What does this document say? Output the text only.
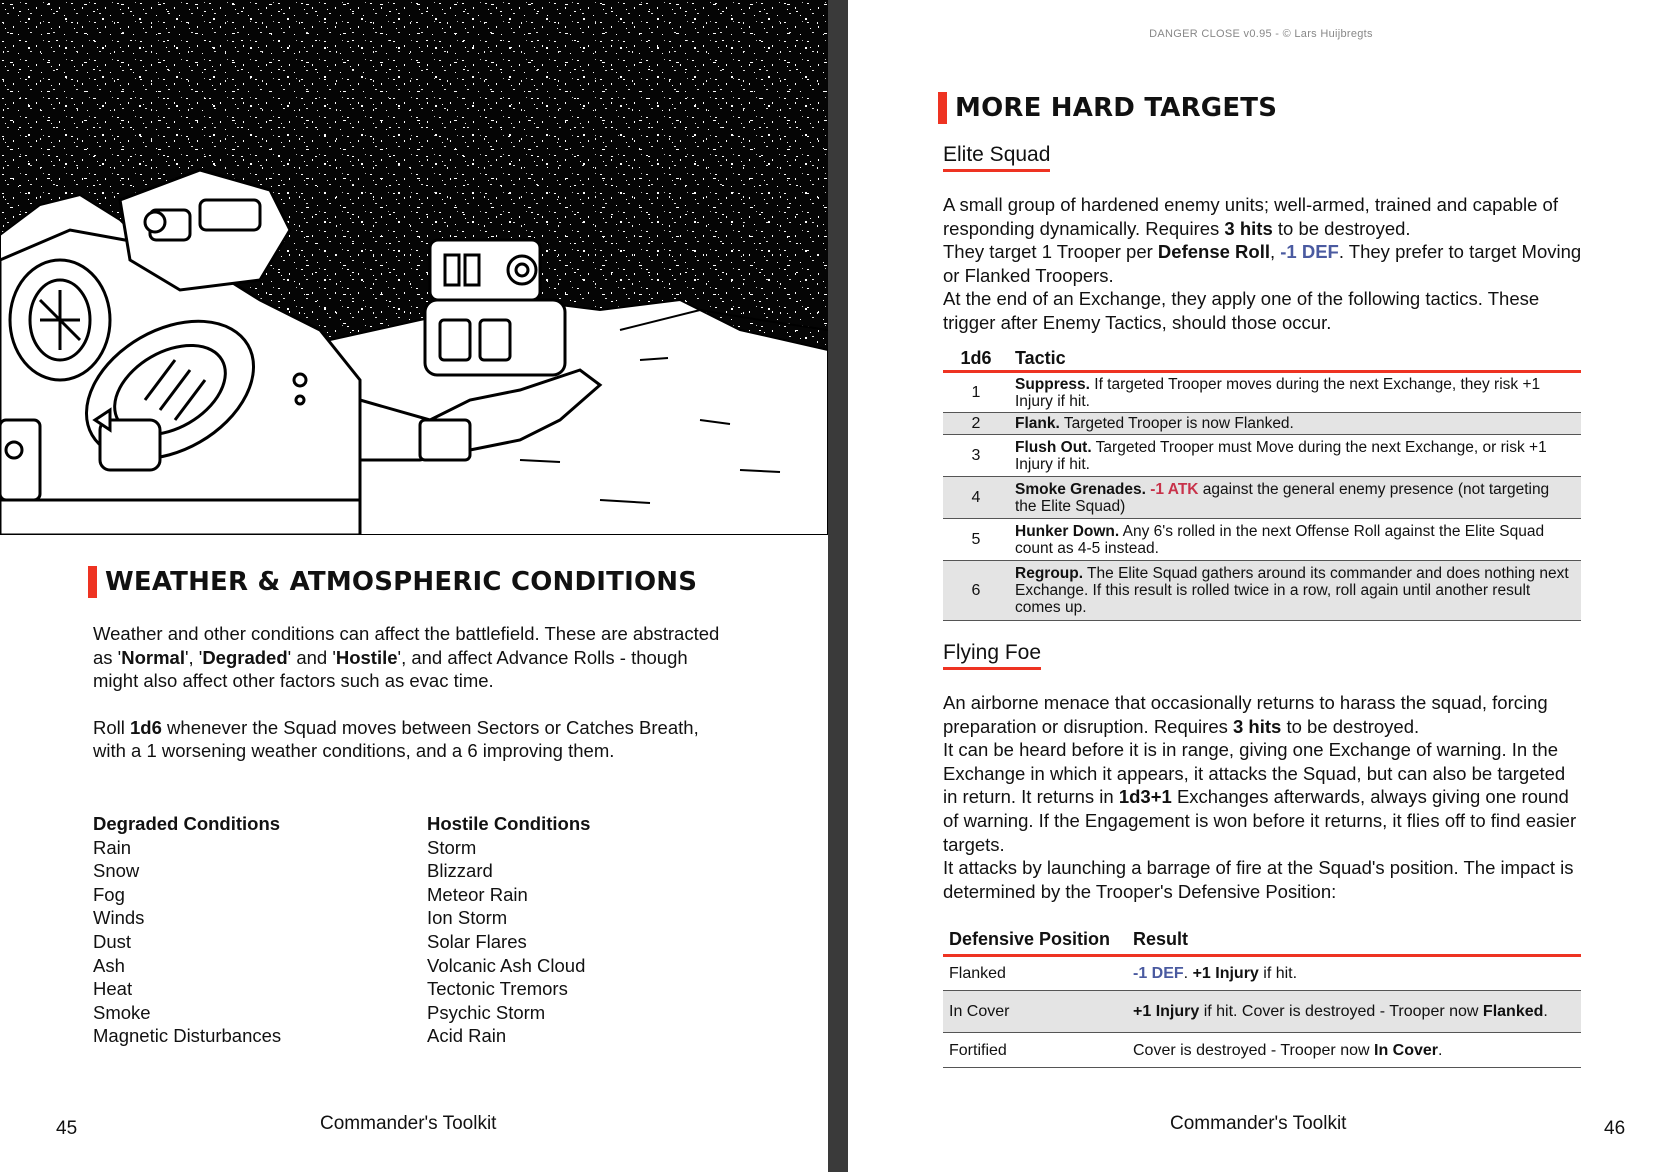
WEATHER & ATMOSPHERIC CONDITIONS

Weather and other conditions can affect the battlefield. These are abstracted as 'Normal', 'Degraded' and 'Hostile', and affect Advance Rolls - though might also affect other factors such as evac time.

Roll 1d6 whenever the Squad moves between Sectors or Catches Breath, with a 1 worsening weather conditions, and a 6 improving them.

Degraded Conditions
Rain
Snow
Fog
Winds
Dust
Ash
Heat
Smoke
Magnetic Disturbances
Hostile Conditions
Storm
Blizzard
Meteor Rain
Ion Storm
Solar Flares
Volcanic Ash Cloud
Tectonic Tremors
Psychic Storm
Acid Rain
45	Commander's Toolkit
DANGER CLOSE v0.95 - © Lars Huijbregts
MORE HARD TARGETS
Elite Squad

A small group of hardened enemy units; well-armed, trained and capable of responding dynamically. Requires 3 hits to be destroyed.

They target 1 Trooper per Defense Roll, -1 DEF. They prefer to target Moving or Flanked Troopers.

At the end of an Exchange, they apply one of the following tactics. These trigger after Enemy Tactics, should those occur.

1d6	Tactic
1	Suppress. If targeted Trooper moves during the next Exchange, they risk +1 Injury if hit.
2	Flank. Targeted Trooper is now Flanked.
3	Flush Out. Targeted Trooper must Move during the next Exchange, or risk +1 Injury if hit.
4	Smoke Grenades. -1 ATK against the general enemy presence (not targeting the Elite Squad)
5	Hunker Down. Any 6's rolled in the next Offense Roll against the Elite Squad count as 4-5 instead.
6	Regroup. The Elite Squad gathers around its commander and does nothing next Exchange. If this result is rolled twice in a row, roll again until another result comes up.
Flying Foe

An airborne menace that occasionally returns to harass the squad, forcing preparation or disruption. Requires 3 hits to be destroyed.

It can be heard before it is in range, giving one Exchange of warning. In the Exchange in which it appears, it attacks the Squad, but can also be targeted in return. It returns in 1d3+1 Exchanges afterwards, always giving one round of warning. If the Engagement is won before it returns, it flies off to find easier targets.

It attacks by launching a barrage of fire at the Squad's position. The impact is determined by the Trooper's Defensive Position:

Defensive Position	Result
Flanked	-1 DEF. +1 Injury if hit.
In Cover	+1 Injury if hit. Cover is destroyed - Trooper now Flanked.
Fortified	Cover is destroyed - Trooper now In Cover.
Commander's Toolkit	46
